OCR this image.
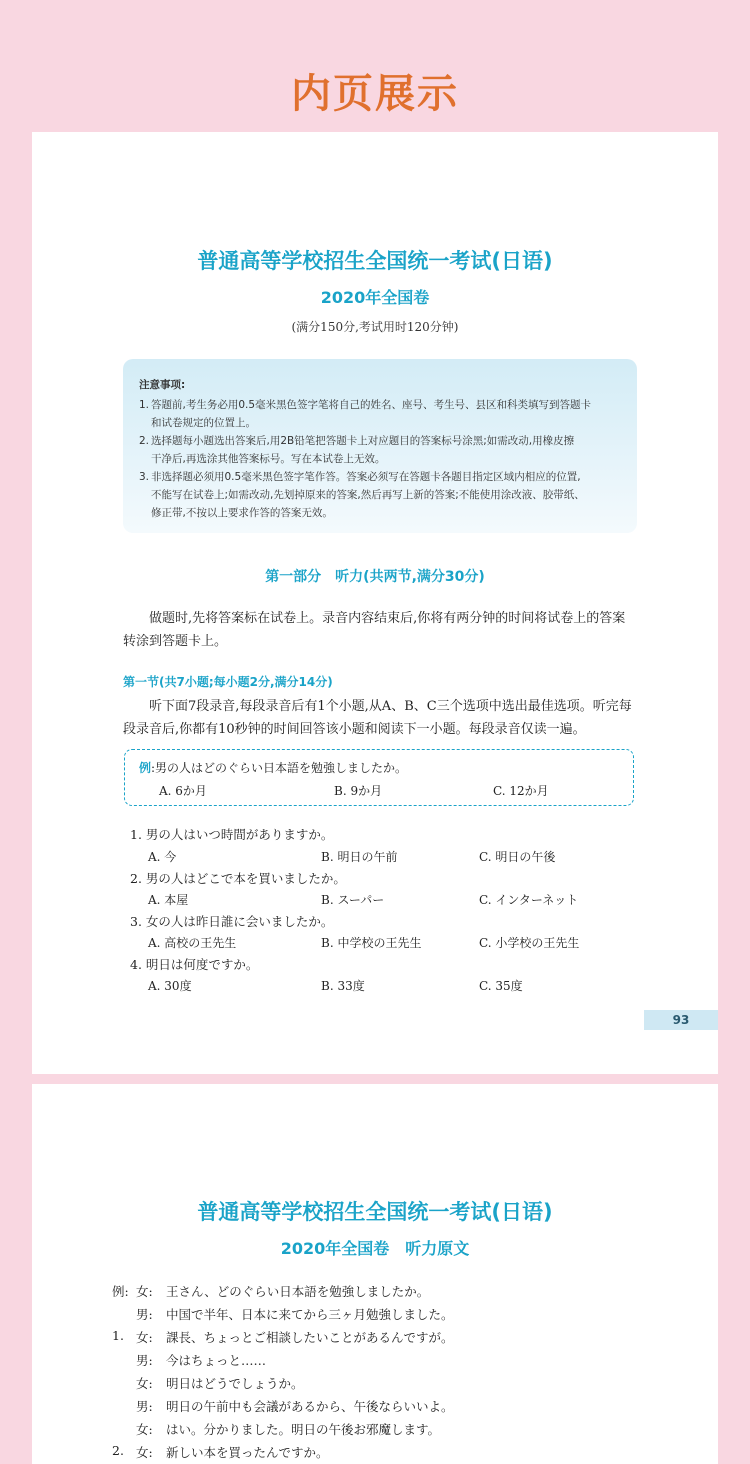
内页展示
普通高等学校招生全国统一考试(日语)
2020年全国卷
(满分150分,考试用时120分钟)
注意事项:
1. 答题前,考生务必用0.5毫米黑色签字笔将自己的姓名、座号、考生号、县区和科类填写到答题卡
和试卷规定的位置上。
2. 选择题每小题选出答案后,用2B铅笔把答题卡上对应题目的答案标号涂黑;如需改动,用橡皮擦
干净后,再选涂其他答案标号。写在本试卷上无效。
3. 非选择题必须用0.5毫米黑色签字笔作答。答案必须写在答题卡各题目指定区域内相应的位置,
不能写在试卷上;如需改动,先划掉原来的答案,然后再写上新的答案;不能使用涂改液、胶带纸、
修正带,不按以上要求作答的答案无效。
第一部分　听力(共两节,满分30分)
做题时,先将答案标在试卷上。录音内容结束后,你将有两分钟的时间将试卷上的答案
转涂到答题卡上。
第一节(共7小题;每小题2分,满分14分)
听下面7段录音,每段录音后有1个小题,从A、B、C三个选项中选出最佳选项。听完每
段录音后,你都有10秒钟的时间回答该小题和阅读下一小题。每段录音仅读一遍。
例:男の人はどのぐらい日本語を勉強しましたか。
A. 6か月	B. 9か月	C. 12か月
1. 男の人はいつ時間がありますか。
A. 今	B. 明日の午前	C. 明日の午後
2. 男の人はどこで本を買いましたか。
A. 本屋	B. スーパー	C. インターネット
3. 女の人は昨日誰に会いましたか。
A. 高校の王先生	B. 中学校の王先生	C. 小学校の王先生
4. 明日は何度ですか。
A. 30度	B. 33度	C. 35度
93
普通高等学校招生全国统一考试(日语)
2020年全国卷　听力原文
例: 女: 王さん、どのぐらい日本語を勉強しましたか。
男: 中国で半年、日本に来てから三ヶ月勉強しました。
1. 女: 課長、ちょっとご相談したいことがあるんですが。
男: 今はちょっと……
女: 明日はどうでしょうか。
男: 明日の午前中も会議があるから、午後ならいいよ。
女: はい。分かりました。明日の午後お邪魔します。
2. 女: 新しい本を買ったんですか。
